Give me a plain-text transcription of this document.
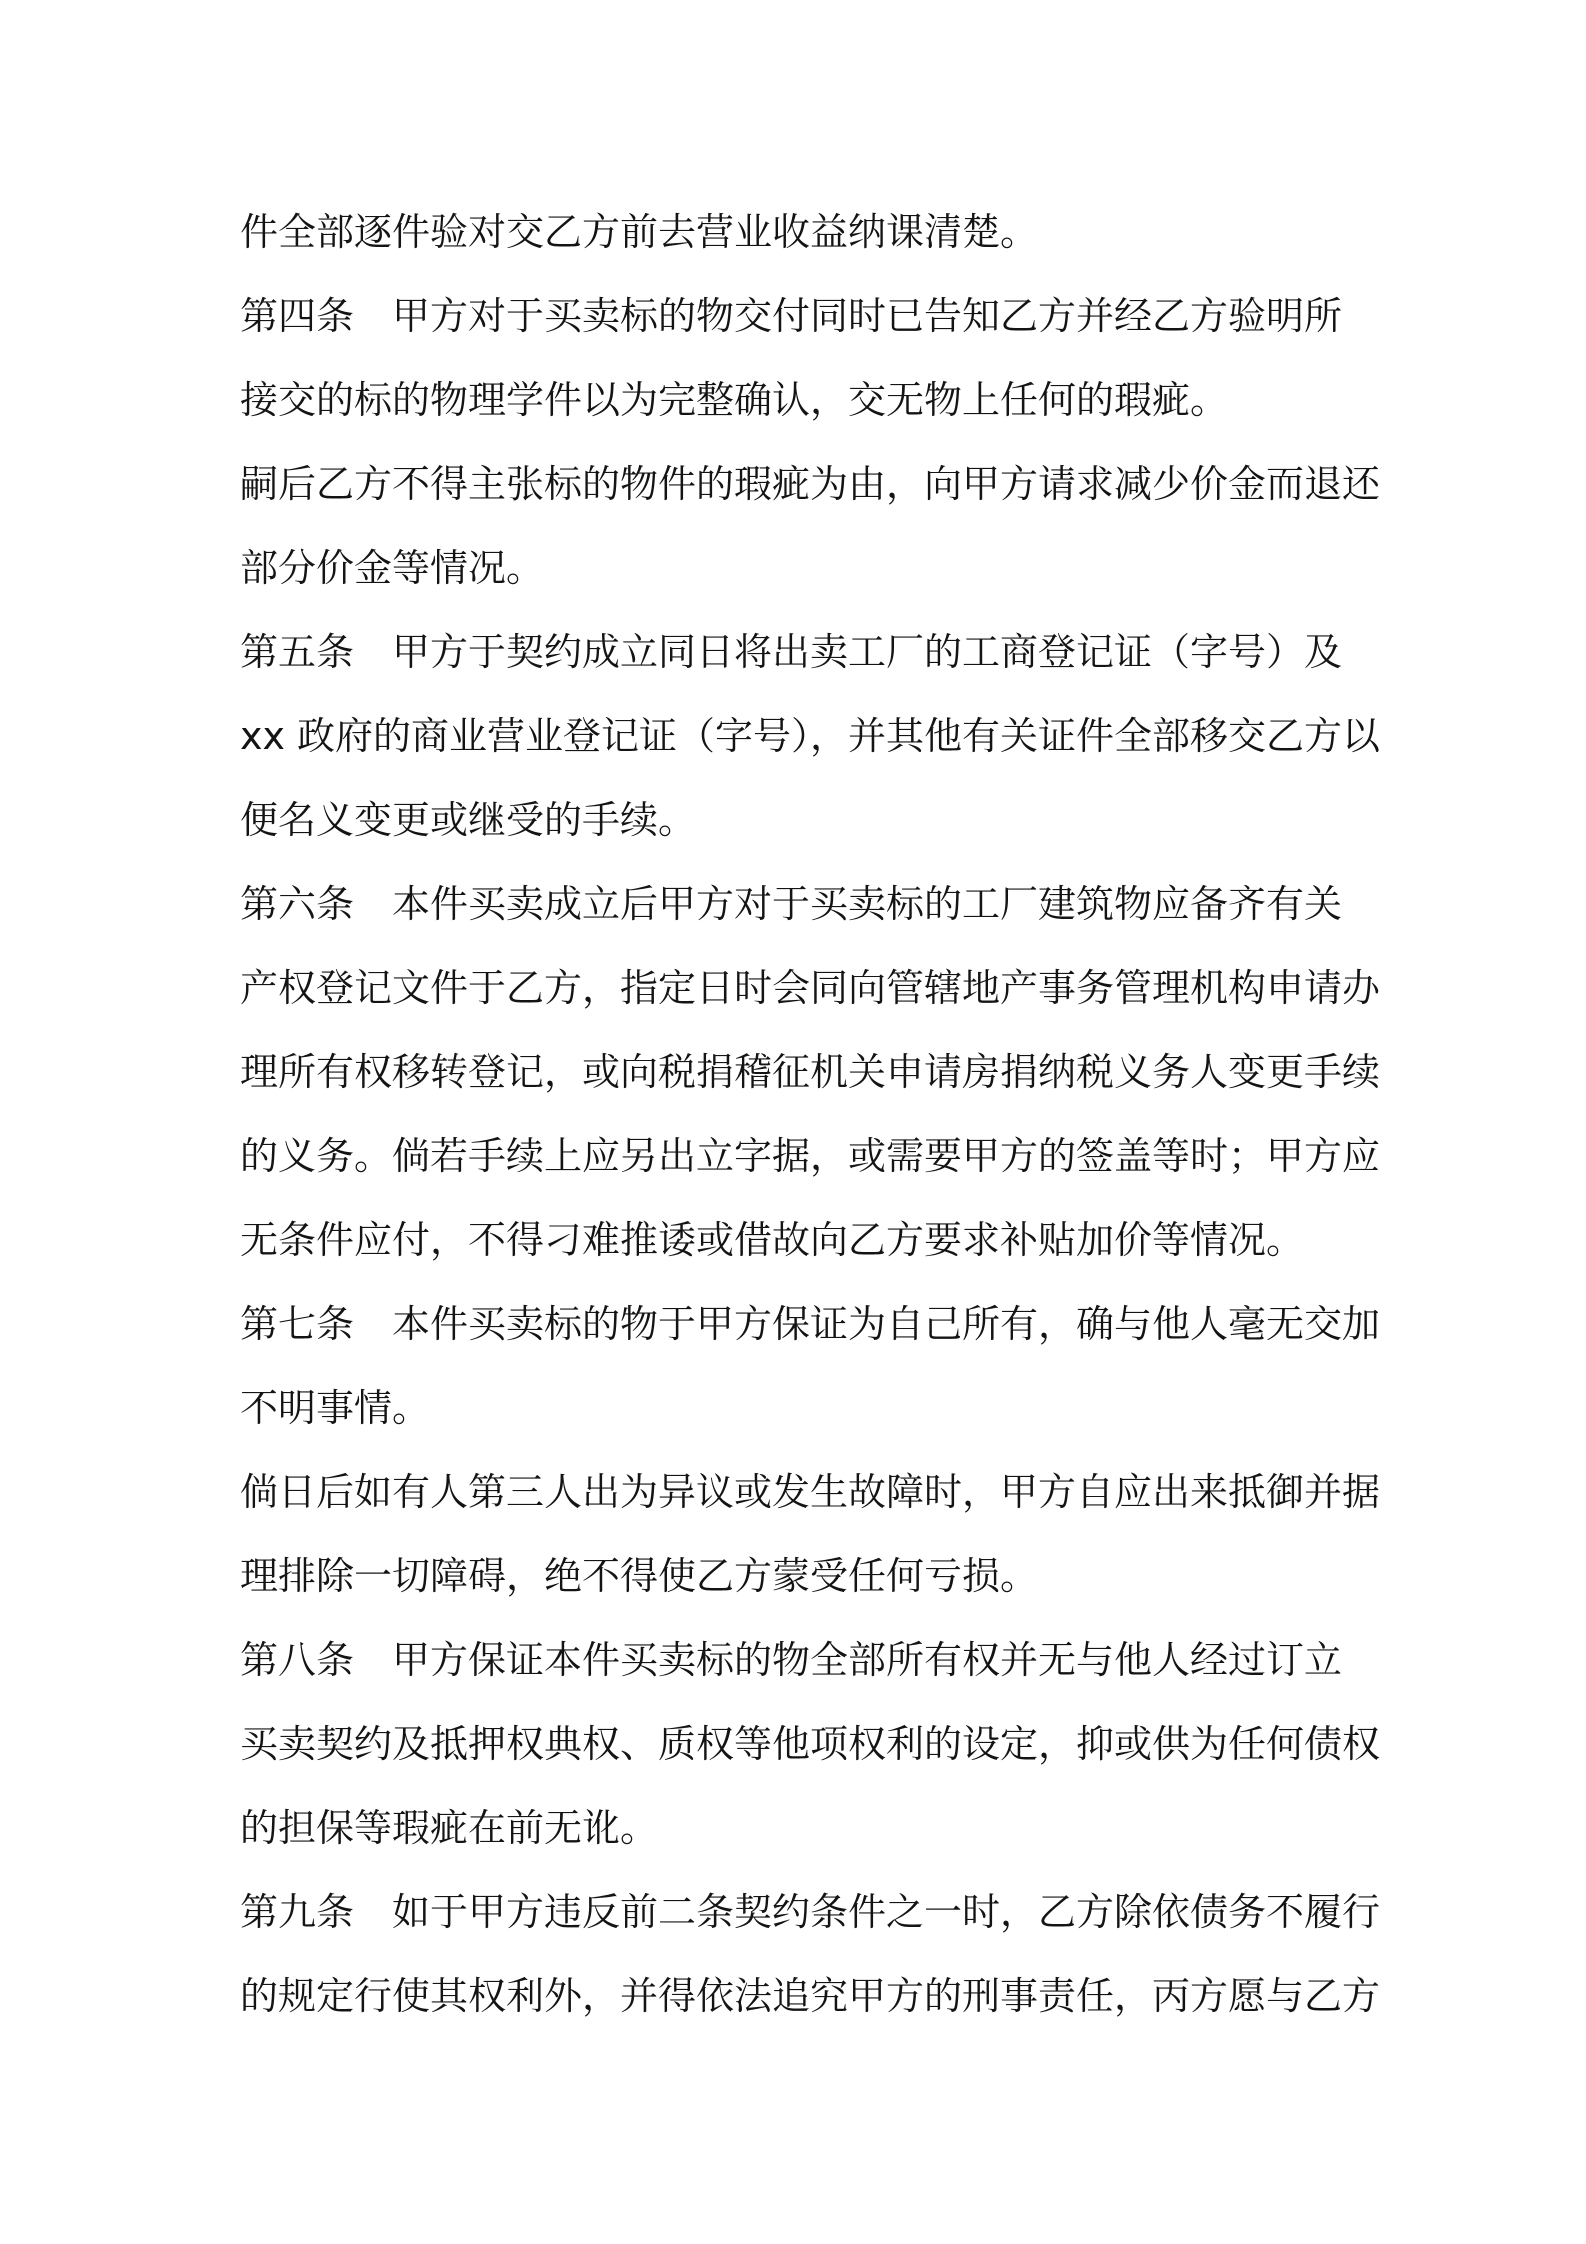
件全部逐件验对交乙方前去营业收益纳课清楚。

第四条 甲方对于买卖标的物交付同时已告知乙方并经乙方验明所
接交的标的物理学件以为完整确认，交无物上任何的瑕疵。

嗣后乙方不得主张标的物件的瑕疵为由，向甲方请求减少价金而退还
部分价金等情况。

第五条 甲方于契约成立同日将出卖工厂的工商登记证（字号）及
xx 政府的商业营业登记证（字号），并其他有关证件全部移交乙方以
便名义变更或继受的手续。

第六条 本件买卖成立后甲方对于买卖标的工厂建筑物应备齐有关
产权登记文件于乙方，指定日时会同向管辖地产事务管理机构申请办
理所有权移转登记，或向税捐稽征机关申请房捐纳税义务人变更手续
的义务。倘若手续上应另出立字据，或需要甲方的签盖等时；甲方应
无条件应付，不得刁难推诿或借故向乙方要求补贴加价等情况。

第七条 本件买卖标的物于甲方保证为自己所有，确与他人毫无交加
不明事情。

倘日后如有人第三人出为异议或发生故障时，甲方自应出来抵御并据
理排除一切障碍，绝不得使乙方蒙受任何亏损。

第八条 甲方保证本件买卖标的物全部所有权并无与他人经过订立
买卖契约及抵押权典权、质权等他项权利的设定，抑或供为任何债权
的担保等瑕疵在前无讹。

第九条 如于甲方违反前二条契约条件之一时，乙方除依债务不履行
的规定行使其权利外，并得依法追究甲方的刑事责任，丙方愿与乙方
